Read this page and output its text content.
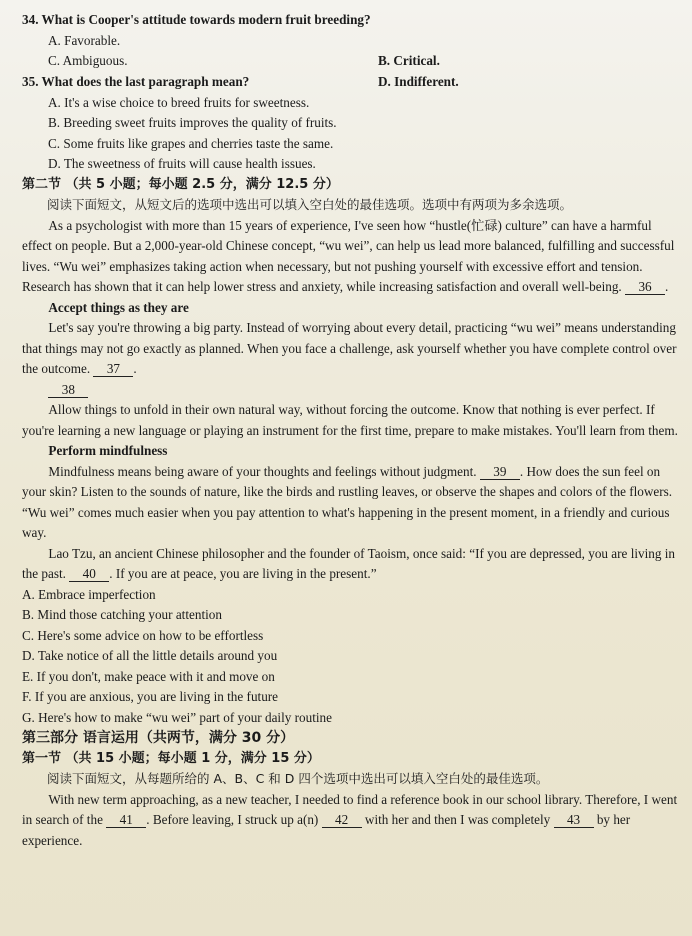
34. What is Cooper's attitude towards modern fruit breeding?

A. Favorable.
C. Ambiguous.	B. Critical.
D. Indifferent.

35. What does the last paragraph mean?

A. It's a wise choice to breed fruits for sweetness.
B. Breeding sweet fruits improves the quality of fruits.
C. Some fruits like grapes and cherries taste the same.
D. The sweetness of fruits will cause health issues.

第二节 （共 5 小题；每小题 2.5 分，满分 12.5 分）

阅读下面短文，从短文后的选项中选出可以填入空白处的最佳选项。选项中有两项为多余选项。

As a psychologist with more than 15 years of experience, I've seen how “hustle(忙碌) culture” can have a harmful effect on people. But a 2,000-year-old Chinese concept, “wu wei”, can help us lead more balanced, fulfilling and successful lives. “Wu wei” emphasizes taking action when necessary, but not pushing yourself with excessive effort and tension. Research has shown that it can help lower stress and anxiety, while increasing satisfaction and overall well-being. 36 .

Accept things as they are

Let's say you're throwing a big party. Instead of worrying about every detail, practicing “wu wei” means understanding that things may not go exactly as planned. When you face a challenge, ask yourself whether you have complete control over the outcome. 37 .

38

Allow things to unfold in their own natural way, without forcing the outcome. Know that nothing is ever perfect. If you're learning a new language or playing an instrument for the first time, prepare to make mistakes. You'll learn from them.

Perform mindfulness

Mindfulness means being aware of your thoughts and feelings without judgment. 39 . How does the sun feel on your skin? Listen to the sounds of nature, like the birds and rustling leaves, or observe the shapes and colors of the flowers. “Wu wei” comes much easier when you pay attention to what's happening in the present moment, in a friendly and curious way.

Lao Tzu, an ancient Chinese philosopher and the founder of Taoism, once said: “If you are depressed, you are living in the past. 40 . If you are at peace, you are living in the present.”

A. Embrace imperfection
B. Mind those catching your attention
C. Here's some advice on how to be effortless
D. Take notice of all the little details around you
E. If you don't, make peace with it and move on
F. If you are anxious, you are living in the future
G. Here's how to make “wu wei” part of your daily routine

第三部分 语言运用（共两节，满分 30 分）

第一节 （共 15 小题；每小题 1 分，满分 15 分）

阅读下面短文，从每题所给的 A、B、C 和 D 四个选项中选出可以填入空白处的最佳选项。

With new term approaching, as a new teacher, I needed to find a reference book in our school library. Therefore, I went in search of the 41 . Before leaving, I struck up a(n) 42 with her and then I was completely 43 by her experience.
